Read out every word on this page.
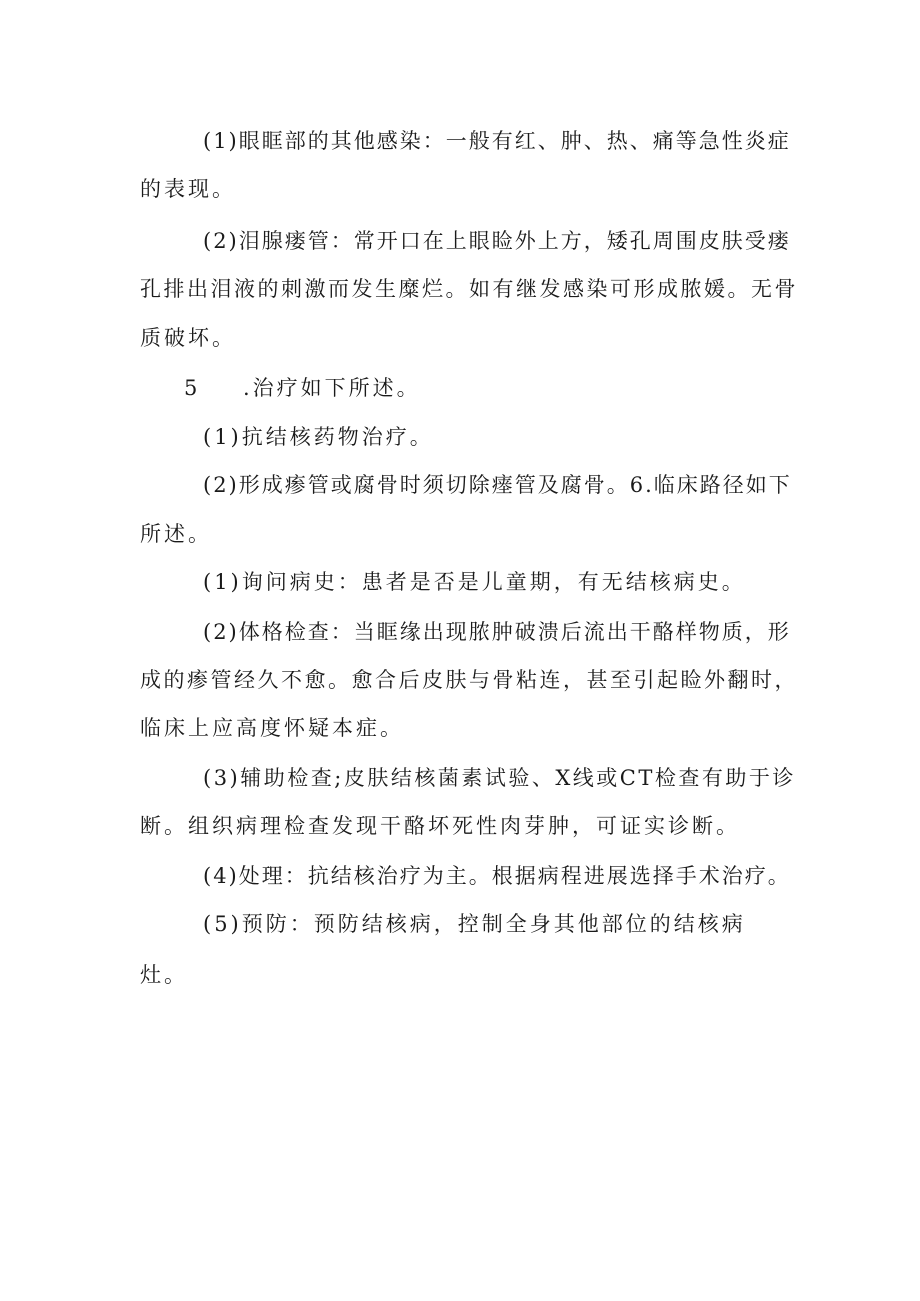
(1)眼眶部的其他感染：一般有红、肿、热、痛等急性炎症
的表现。
(2)泪腺瘘管：常开口在上眼睑外上方，矮孔周围皮肤受瘘
孔排出泪液的刺激而发生糜烂。如有继发感染可形成脓媛。无骨
质破坏。
5 .治疗如下所述。
(1)抗结核药物治疗。
(2)形成瘆管或腐骨时须切除瘗管及腐骨。6.临床路径如下
所述。
(1)询问病史：患者是否是儿童期，有无结核病史。
(2)体格检查：当眶缘出现脓肿破溃后流出干酪样物质，形
成的瘆管经久不愈。愈合后皮肤与骨粘连，甚至引起睑外翻时，
临床上应高度怀疑本症。
(3)辅助检查;皮肤结核菌素试验、X线或CT检查有助于诊
断。组织病理检查发现干酪坏死性肉芽肿，可证实诊断。
(4)处理：抗结核治疗为主。根据病程进展选择手术治疗。
(5)预防：预防结核病，控制全身其他部位的结核病
灶。
